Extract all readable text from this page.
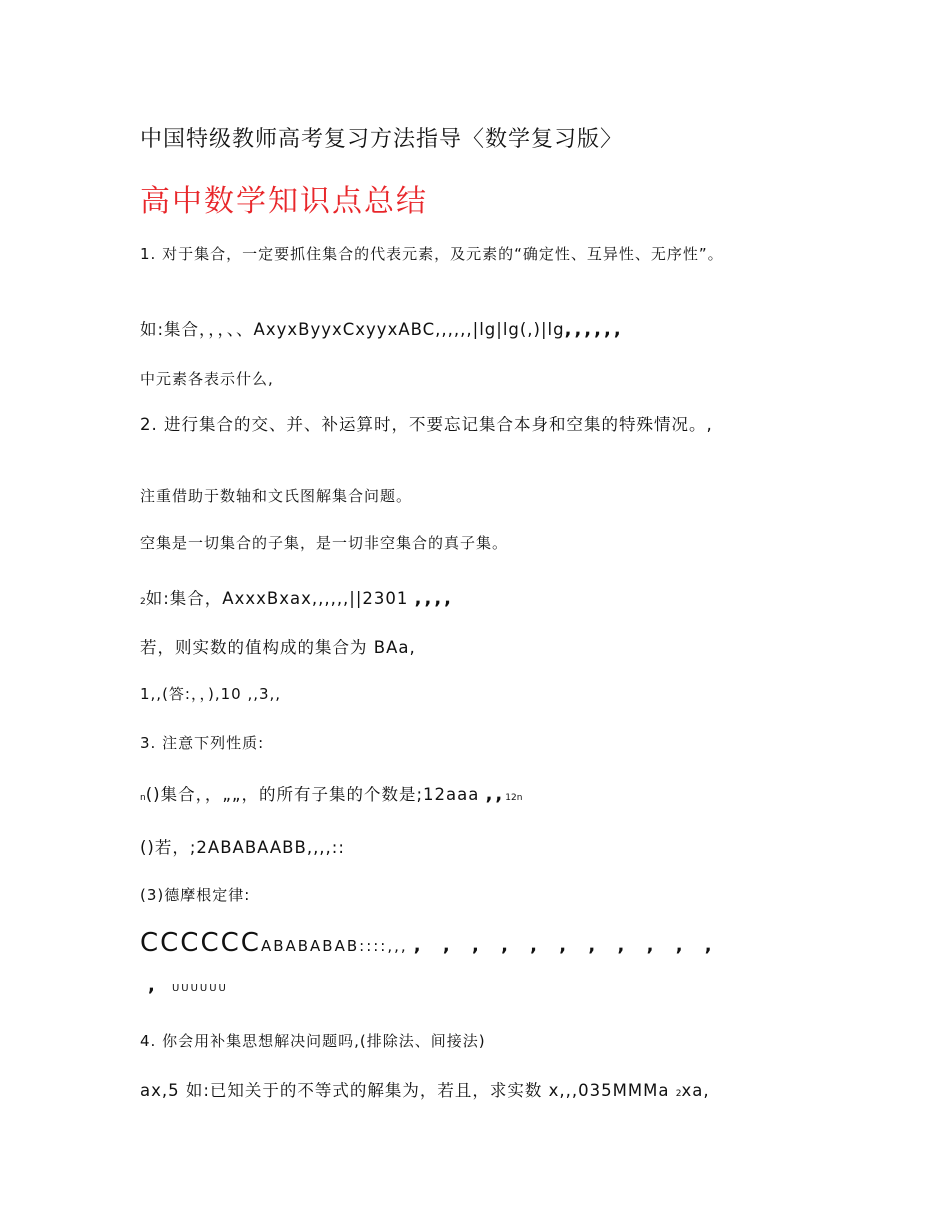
中国特级教师高考复习方法指导〈数学复习版〉
高中数学知识点总结
1. 对于集合，一定要抓住集合的代表元素，及元素的“确定性、互异性、无序性”。
如:集合，，，、、AxyxByyxCxyyxABC,,,,,,|lg|lg(,)|lg,,,,,,
中元素各表示什么,
2. 进行集合的交、并、补运算时，不要忘记集合本身和空集的特殊情况。,
注重借助于数轴和文氏图解集合问题。
空集是一切集合的子集，是一切非空集合的真子集。
2如:集合，AxxxBxax,,,,,,||2301 ,,,,
若，则实数的值构成的集合为 BAa,
1,,(答:，，),10 ,,3,,
3. 注意下列性质:
n()集合，，„„，的所有子集的个数是;12aaa ,,12n
()若，;2ABABAABB,,,,::
(3)德摩根定律:
CCCCCCABABABAB::::,,, , , , , , , , , , , ,
, UUUUUU
4. 你会用补集思想解决问题吗,(排除法、间接法)
ax,5 如:已知关于的不等式的解集为，若且，求实数 x,,,035MMMa 2xa,
